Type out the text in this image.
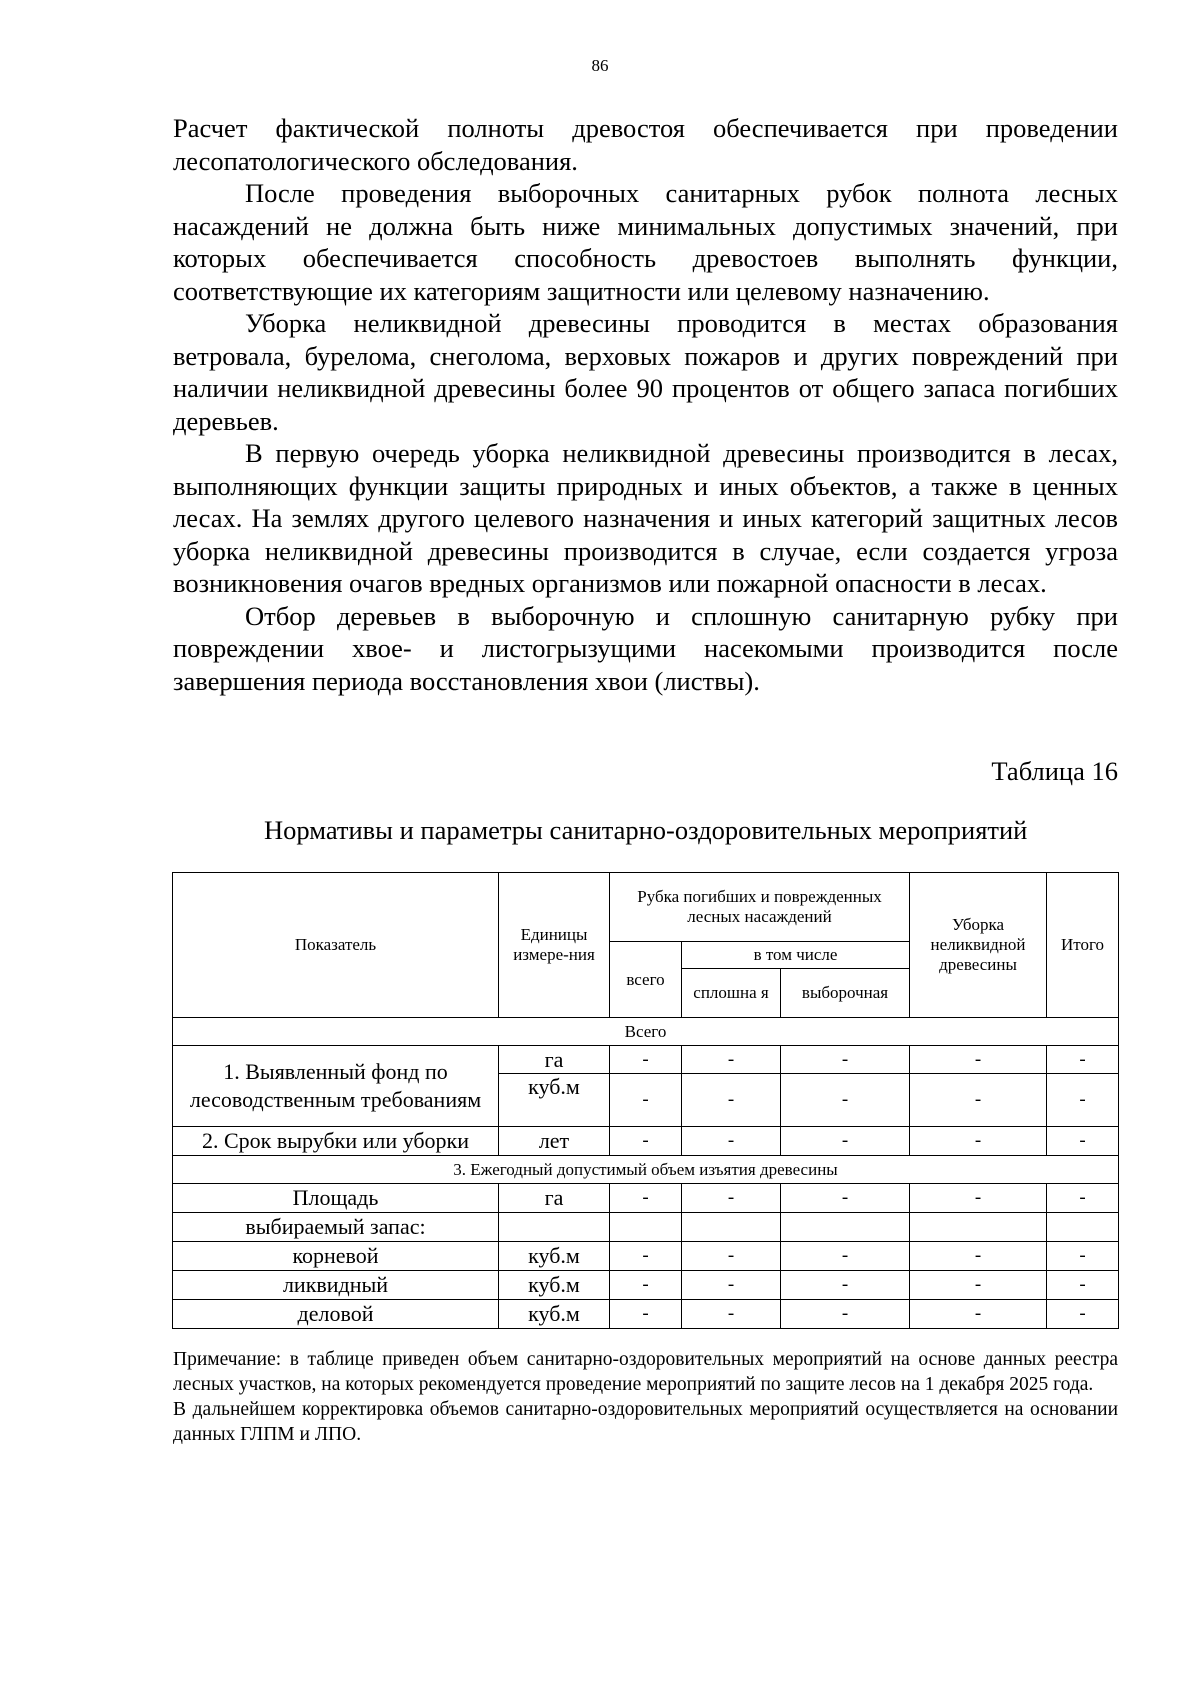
86

Расчет фактической полноты древостоя обеспечивается при проведении лесопатологического обследования.

После проведения выборочных санитарных рубок полнота лесных насаждений не должна быть ниже минимальных допустимых значений, при которых обеспечивается способность древостоев выполнять функции, соответствующие их категориям защитности или целевому назначению.

Уборка неликвидной древесины проводится в местах образования ветровала, бурелома, снеголома, верховых пожаров и других повреждений при наличии неликвидной древесины более 90 процентов от общего запаса погибших деревьев.

В первую очередь уборка неликвидной древесины производится в лесах, выполняющих функции защиты природных и иных объектов, а также в ценных лесах. На землях другого целевого назначения и иных категорий защитных лесов уборка неликвидной древесины производится в случае, если создается угроза возникновения очагов вредных организмов или пожарной опасности в лесах.

Отбор деревьев в выборочную и сплошную санитарную рубку при повреждении хвое- и листогрызущими насекомыми производится после завершения периода восстановления хвои (листвы).

Таблица 16
Нормативы и параметры санитарно-оздоровительных мероприятий
Показатель	Единицы измере-ния	Рубка погибших и поврежденных лесных насаждений			Уборка неликвидной древесины	Итого
		всего	в том числе			
			сплошна я	выборочная		
Всего						
1. Выявленный фонд по лесоводственным требованиям	га	-	-	-	-	-
	куб.м	-	-	-	-	-
2. Срок вырубки или уборки	лет	-	-	-	-	-
3. Ежегодный допустимый объем изъятия древесины						
Площадь	га	-	-	-	-	-
выбираемый запас:						
корневой	куб.м	-	-	-	-	-
ликвидный	куб.м	-	-	-	-	-
деловой	куб.м	-	-	-	-	-

Примечание: в таблице приведен объем санитарно-оздоровительных мероприятий на основе данных реестра лесных участков, на которых рекомендуется проведение мероприятий по защите лесов на 1 декабря 2025 года.

В дальнейшем корректировка объемов санитарно-оздоровительных мероприятий осуществляется на основании данных ГЛПМ и ЛПО.
